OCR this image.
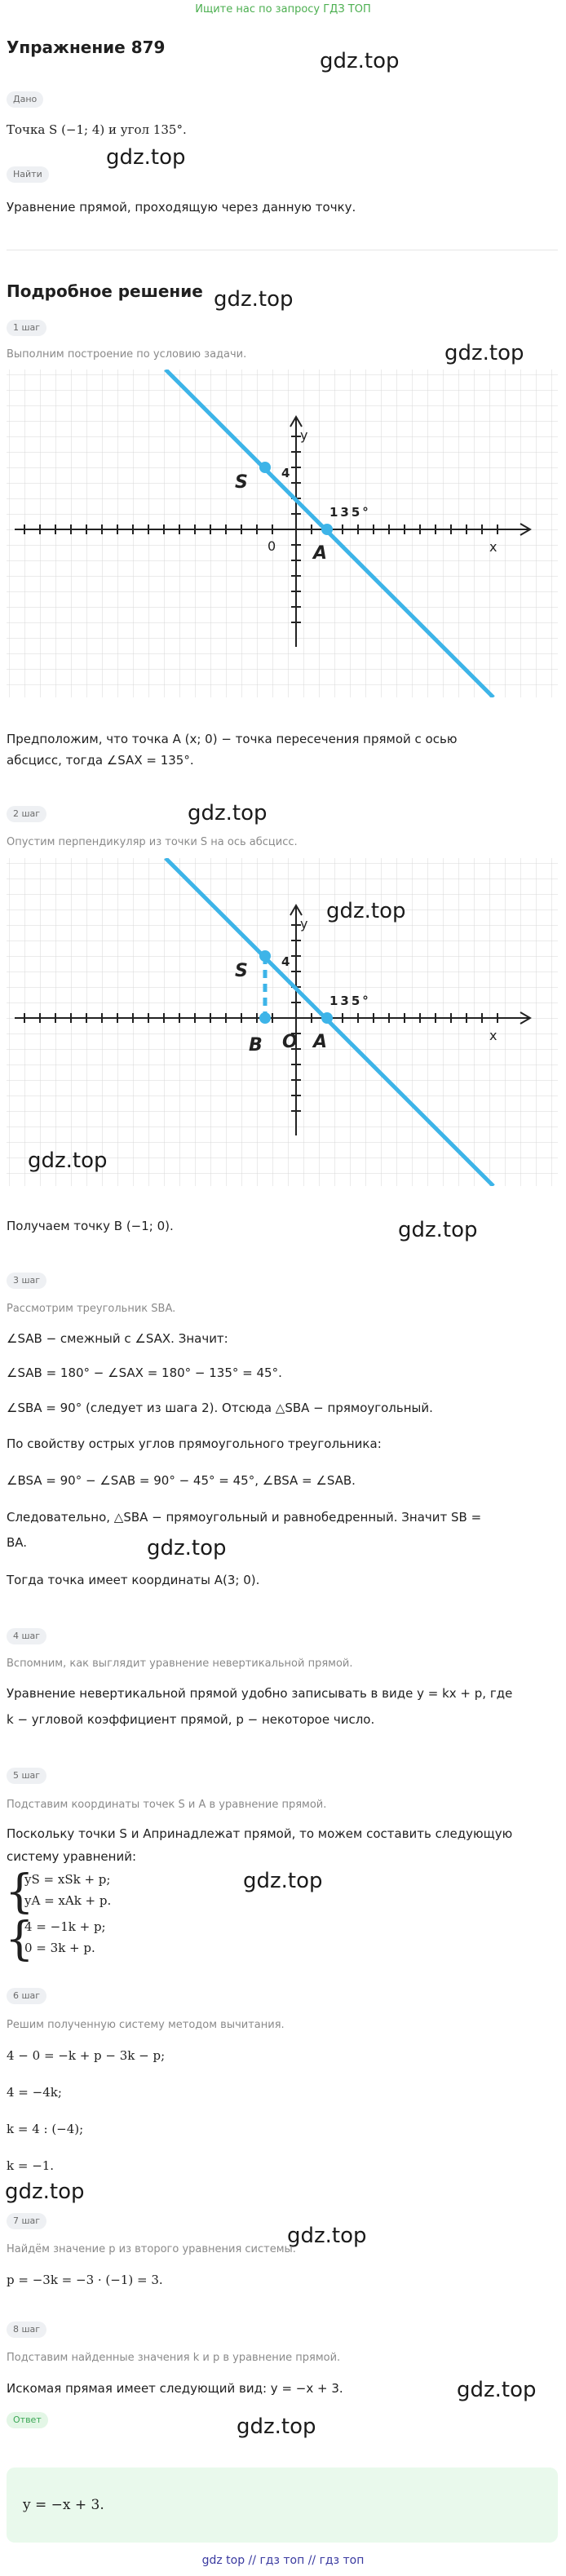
Ищите нас по запросу ГДЗ ТОП
Упражнение 879
gdz.top
Дано
Точка S (−1; 4) и угол 135°.
gdz.top
Найти
Уравнение прямой, проходящую через данную точку.
Подробное решение gdz.top
1 шаг
Выполним построение по условию задачи.	gdz.top
y
x
S	4
0 A
135°
Предположим, что точка A (x; 0) − точка пересечения прямой с осью
абсцисс, тогда ∠SAX = 135°.
2 шаг	gdz.top
Опустим перпендикуляр из точки S на ось абсцисс.
y
x
S	4
B O A
135°
gdz.top
gdz.top
Получаем точку B (−1; 0).	gdz.top
3 шаг
Рассмотрим треугольник SBA.
∠SAB − смежный с ∠SAX. Значит:
∠SAB = 180° − ∠SAX = 180° − 135° = 45°.
∠SBA = 90° (следует из шага 2). Отсюда △SBA − прямоугольный.
По свойству острых углов прямоугольного треугольника:
∠BSA = 90° − ∠SAB = 90° − 45° = 45°, ∠BSA = ∠SAB.
Следовательно, △SBA − прямоугольный и равнобедренный. Значит SB =
BA.	gdz.top
Тогда точка имеет координаты A(3; 0).
4 шаг
Вспомним, как выглядит уравнение невертикальной прямой.
Уравнение невертикальной прямой удобно записывать в виде y = kx + p, где
k − угловой коэффициент прямой, p − некоторое число.
5 шаг
Подставим координаты точек S и A в уравнение прямой.
Поскольку точки S и Aпринадлежат прямой, то можем составить следующую
систему уравнений:
gdz.top
{
yS = xSk + p;
yA = xAk + p.
{
4 = −1k + p;
0 = 3k + p.
6 шаг
Решим полученную систему методом вычитания.
4 − 0 = −k + p − 3k − p;
4 = −4k;
k = 4 : (−4);
k = −1.
gdz.top
7 шаг
gdz.top
Найдём значение p из второго уравнения системы.
p = −3k = −3 · (−1) = 3.
8 шаг
Подставим найденные значения k и p в уравнение прямой.
Искомая прямая имеет следующий вид: y = −x + 3.	gdz.top
Ответ	gdz.top
y = −x + 3.
gdz top // гдз топ // гдз топ
